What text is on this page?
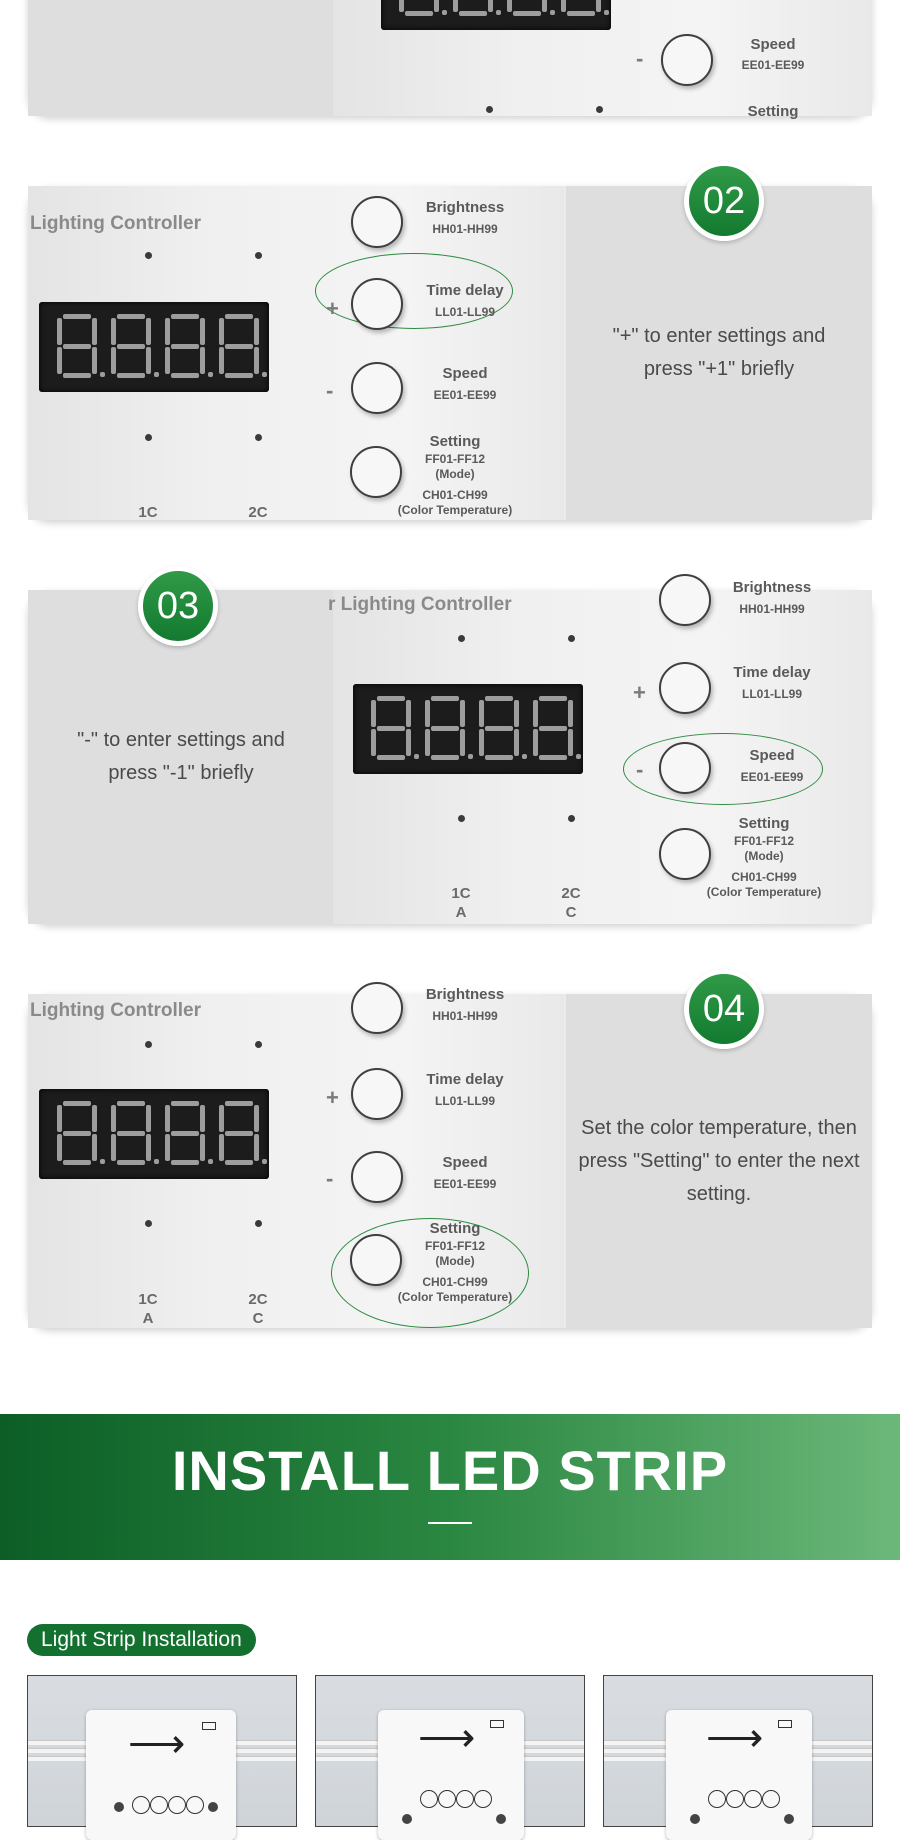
-
Speed
EE01-EE99
Setting
Lighting Controller
1C	2C
Brightness
HH01-HH99
+
Time delay
LL01-LL99
-
Speed
EE01-EE99
Setting
FF01-FF12
(Mode)
CH01-CH99
(Color Temperature)
"+" to enter settings and press "+1" briefly
02
"-" to enter settings and press "-1" briefly
r Lighting Controller
1C
A
2C
C
Brightness
HH01-HH99
+
Time delay
LL01-LL99
-
Speed
EE01-EE99
Setting
FF01-FF12
(Mode)
CH01-CH99
(Color Temperature)
03
Lighting Controller
1C
A
2C
C
Brightness
HH01-HH99
+
Time delay
LL01-LL99
-
Speed
EE01-EE99
Setting
FF01-FF12
(Mode)
CH01-CH99
(Color Temperature)
Set the color temperature, then press "Setting" to enter the next setting.
04
INSTALL LED STRIP
Light Strip Installation
⟶	⟶	⟶
